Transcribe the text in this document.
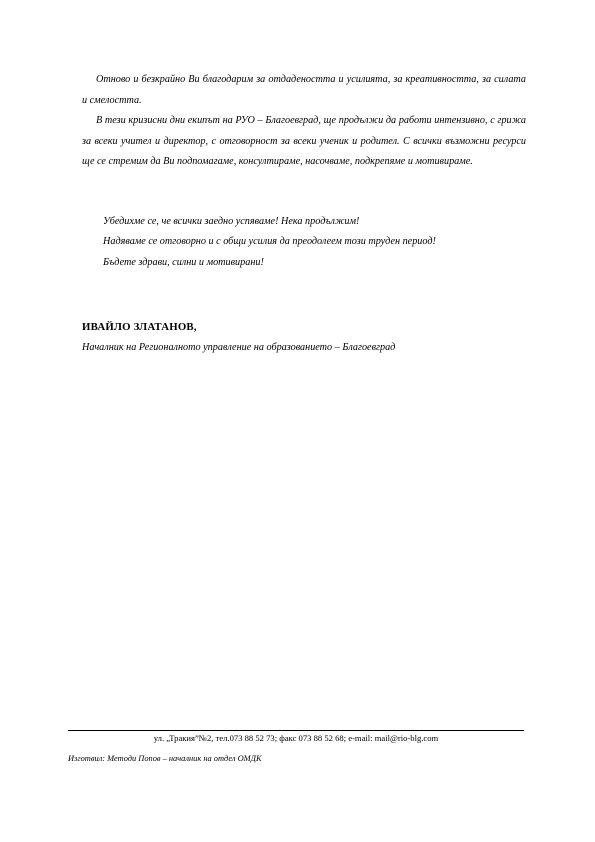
Отново и безкрайно Ви благодарим за отдадеността и усилията, за креативността, за силата и смелостта.

В тези кризисни дни екипът на РУО – Благоевград, ще продължи да работи интензивно, с грижа за всеки учител и директор, с отговорност за всеки ученик и родител. С всички възможни ресурси ще се стремим да Ви подпомагаме, консултираме, насочваме, подкрепяме и мотивираме.

Убедихме се, че всички заедно успяваме! Нека продължим!

Надяваме се отговорно и с общи усилия да преодолеем този труден период!

Бъдете здрави, силни и мотивирани!

ИВАЙЛО ЗЛАТАНОВ,
Началник на Регионалното управление на образованието – Благоевград
ул. „Тракия”№2, тел.073 88 52 73; факс 073 88 52 68; e-mail: mail@rio-blg.com
Изготвил: Методи Попов – началник на отдел ОМДК
